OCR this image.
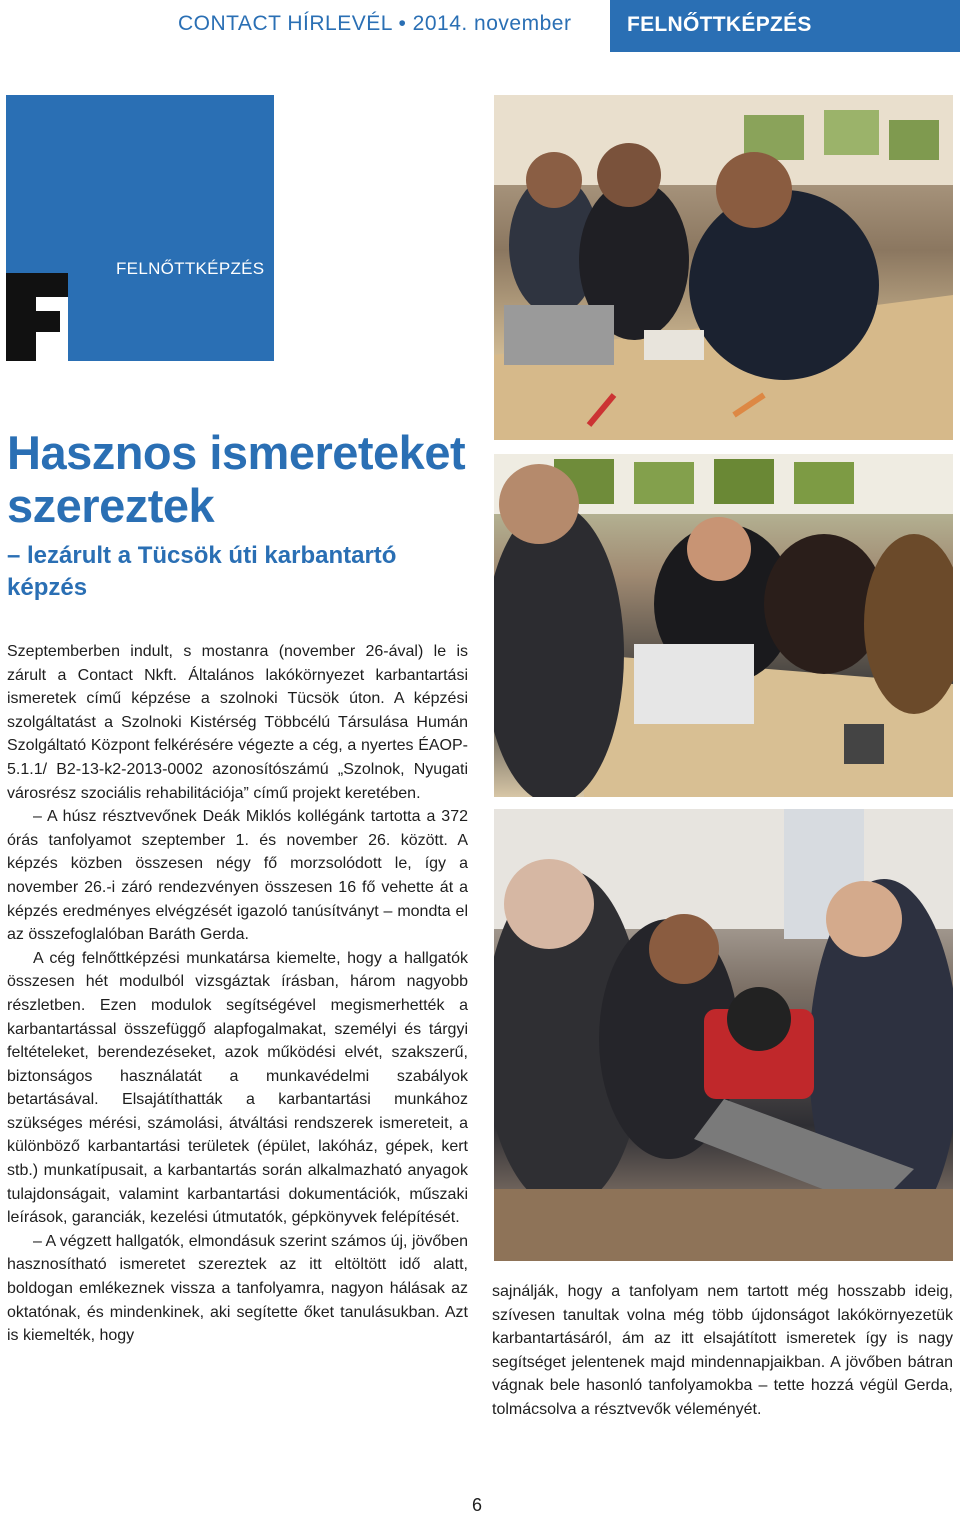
CONTACT HÍRLEVÉL • 2014. november	FELNŐTTKÉPZÉS
FELNŐTTKÉPZÉS
Hasznos ismereteket szereztek
– lezárult a Tücsök úti karbantartó képzés

Szeptemberben indult, s mostanra (november 26-ával) le is zárult a Contact Nkft. Általános lakókörnyezet karbantartási ismeretek című képzése a szolnoki Tücsök úton. A képzési szolgáltatást a Szolnoki Kistérség Többcélú Társulása Humán Szolgáltató Központ felkérésére végezte a cég, a nyertes ÉAOP-5.1.1/ B2-13-k2-2013-0002 azonosítószámú „Szolnok, Nyugati városrész szociális rehabilitációja” című projekt keretében.

– A húsz résztvevőnek Deák Miklós kollégánk tartotta a 372 órás tanfolyamot szeptember 1. és november 26. között. A képzés közben összesen négy fő morzsolódott le, így a november 26.-i záró rendezvényen összesen 16 fő vehette át a képzés eredményes elvégzését igazoló tanúsítványt – mondta el az összefoglalóban Baráth Gerda.

A cég felnőttképzési munkatársa kiemelte, hogy a hallgatók összesen hét modulból vizsgáztak írásban, három nagyobb részletben. Ezen modulok segítségével megismerhették a karbantartással összefüggő alapfogalmakat, személyi és tárgyi feltételeket, berendezéseket, azok működési elvét, szakszerű, biztonságos használatát a munkavédelmi szabályok betartásával. Elsajátíthatták a karbantartási munkához szükséges mérési, számolási, átváltási rendszerek ismereteit, a különböző karbantartási területek (épület, lakóház, gépek, kert stb.) munkatípusait, a karbantartás során alkalmazható anyagok tulajdonságait, valamint karbantartási dokumentációk, műszaki leírások, garanciák, kezelési útmutatók, gépkönyvek felépítését.

– A végzett hallgatók, elmondásuk szerint számos új, jövőben hasznosítható ismeretet szereztek az itt eltöltött idő alatt, boldogan emlékeznek vissza a tanfolyamra, nagyon hálásak az oktatónak, és mindenkinek, aki segítette őket tanulásukban. Azt is kiemelték, hogy

sajnálják, hogy a tanfolyam nem tartott még hosszabb ideig, szívesen tanultak volna még több újdonságot lakókörnyezetük karbantartásáról, ám az itt elsajátított ismeretek így is nagy segítséget jelentenek majd mindennapjaikban. A jövőben bátran vágnak bele hasonló tanfolyamokba – tette hozzá végül Gerda, tolmácsolva a résztvevők véleményét.

6
